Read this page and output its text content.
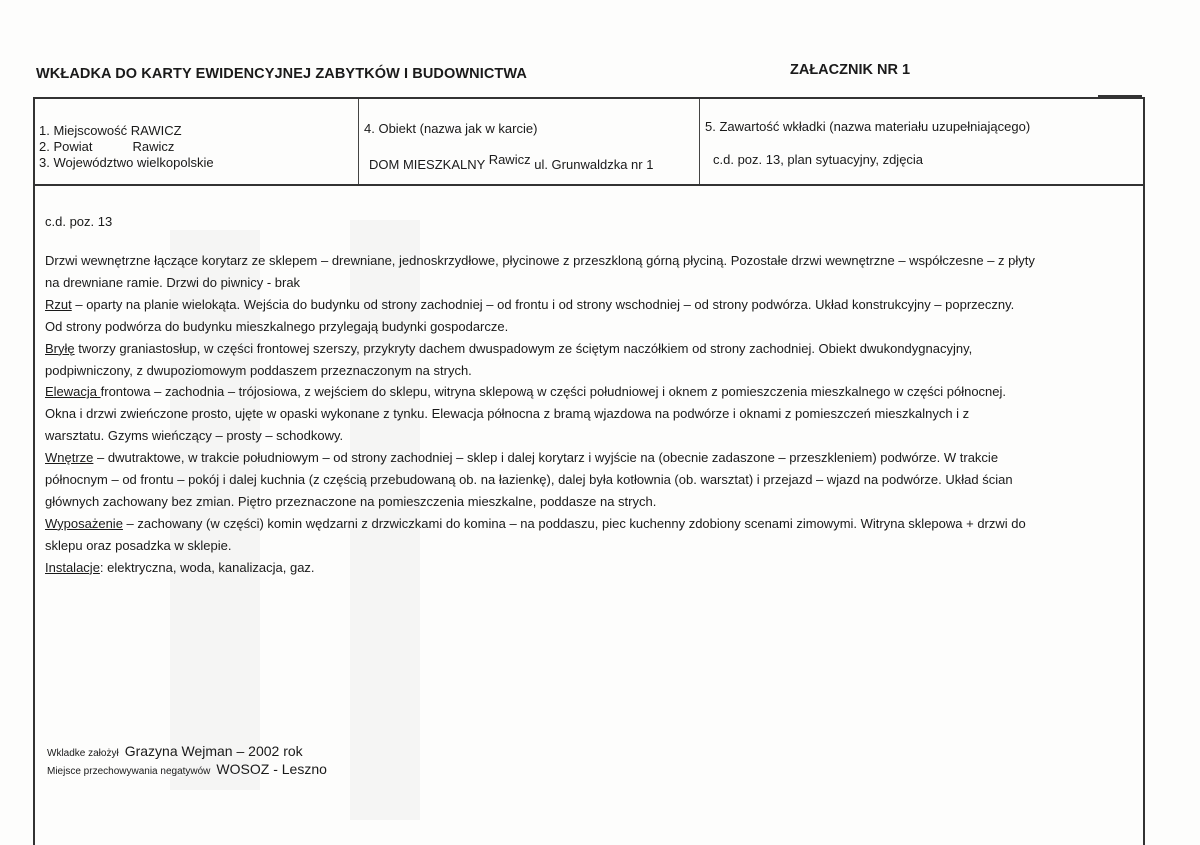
WKŁADKA DO KARTY EWIDENCYJNEJ ZABYTKÓW I BUDOWNICTWA	ZAŁACZNIK NR 1
1. Miejscowość RAWICZ
2. Powiat	Rawicz
3. Województwo wielkopolskie
4. Obiekt (nazwa jak w karcie)
DOM MIESZKALNY Rawicz ul. Grunwaldzka nr 1
5. Zawartość wkładki (nazwa materiału uzupełniającego)
c.d. poz. 13, plan sytuacyjny, zdjęcia
c.d. poz. 13
Drzwi wewnętrzne łączące korytarz ze sklepem – drewniane, jednoskrzydłowe, płycinowe z przeszkloną górną płyciną. Pozostałe drzwi wewnętrzne – współczesne – z płyty
na drewniane ramie. Drzwi do piwnicy - brak
Rzut – oparty na planie wielokąta. Wejścia do budynku od strony zachodniej – od frontu i od strony wschodniej – od strony podwórza. Układ konstrukcyjny – poprzeczny.
Od strony podwórza do budynku mieszkalnego przylegają budynki gospodarcze.
Bryłę tworzy graniastosłup, w części frontowej szerszy, przykryty dachem dwuspadowym ze ściętym naczółkiem od strony zachodniej. Obiekt dwukondygnacyjny,
podpiwniczony, z dwupoziomowym poddaszem przeznaczonym na strych.
Elewacja frontowa – zachodnia – trójosiowa, z wejściem do sklepu, witryna sklepową w części południowej i oknem z pomieszczenia mieszkalnego w części północnej.
Okna i drzwi zwieńczone prosto, ujęte w opaski wykonane z tynku. Elewacja północna z bramą wjazdowa na podwórze i oknami z pomieszczeń mieszkalnych i z
warsztatu. Gzyms wieńczący – prosty – schodkowy.
Wnętrze – dwutraktowe, w trakcie południowym – od strony zachodniej – sklep i dalej korytarz i wyjście na (obecnie zadaszone – przeszkleniem) podwórze. W trakcie
północnym – od frontu – pokój i dalej kuchnia (z częścią przebudowaną ob. na łazienkę), dalej była kotłownia (ob. warsztat) i przejazd – wjazd na podwórze. Układ ścian
głównych zachowany bez zmian. Piętro przeznaczone na pomieszczenia mieszkalne, poddasze na strych.
Wyposażenie – zachowany (w części) komin wędzarni z drzwiczkami do komina – na poddaszu, piec kuchenny zdobiony scenami zimowymi. Witryna sklepowa + drzwi do
sklepu oraz posadzka w sklepie.
Instalacje: elektryczna, woda, kanalizacja, gaz.
Wkladke założył Grazyna Wejman – 2002 rok
Miejsce przechowywania negatywów WOSOZ - Leszno
